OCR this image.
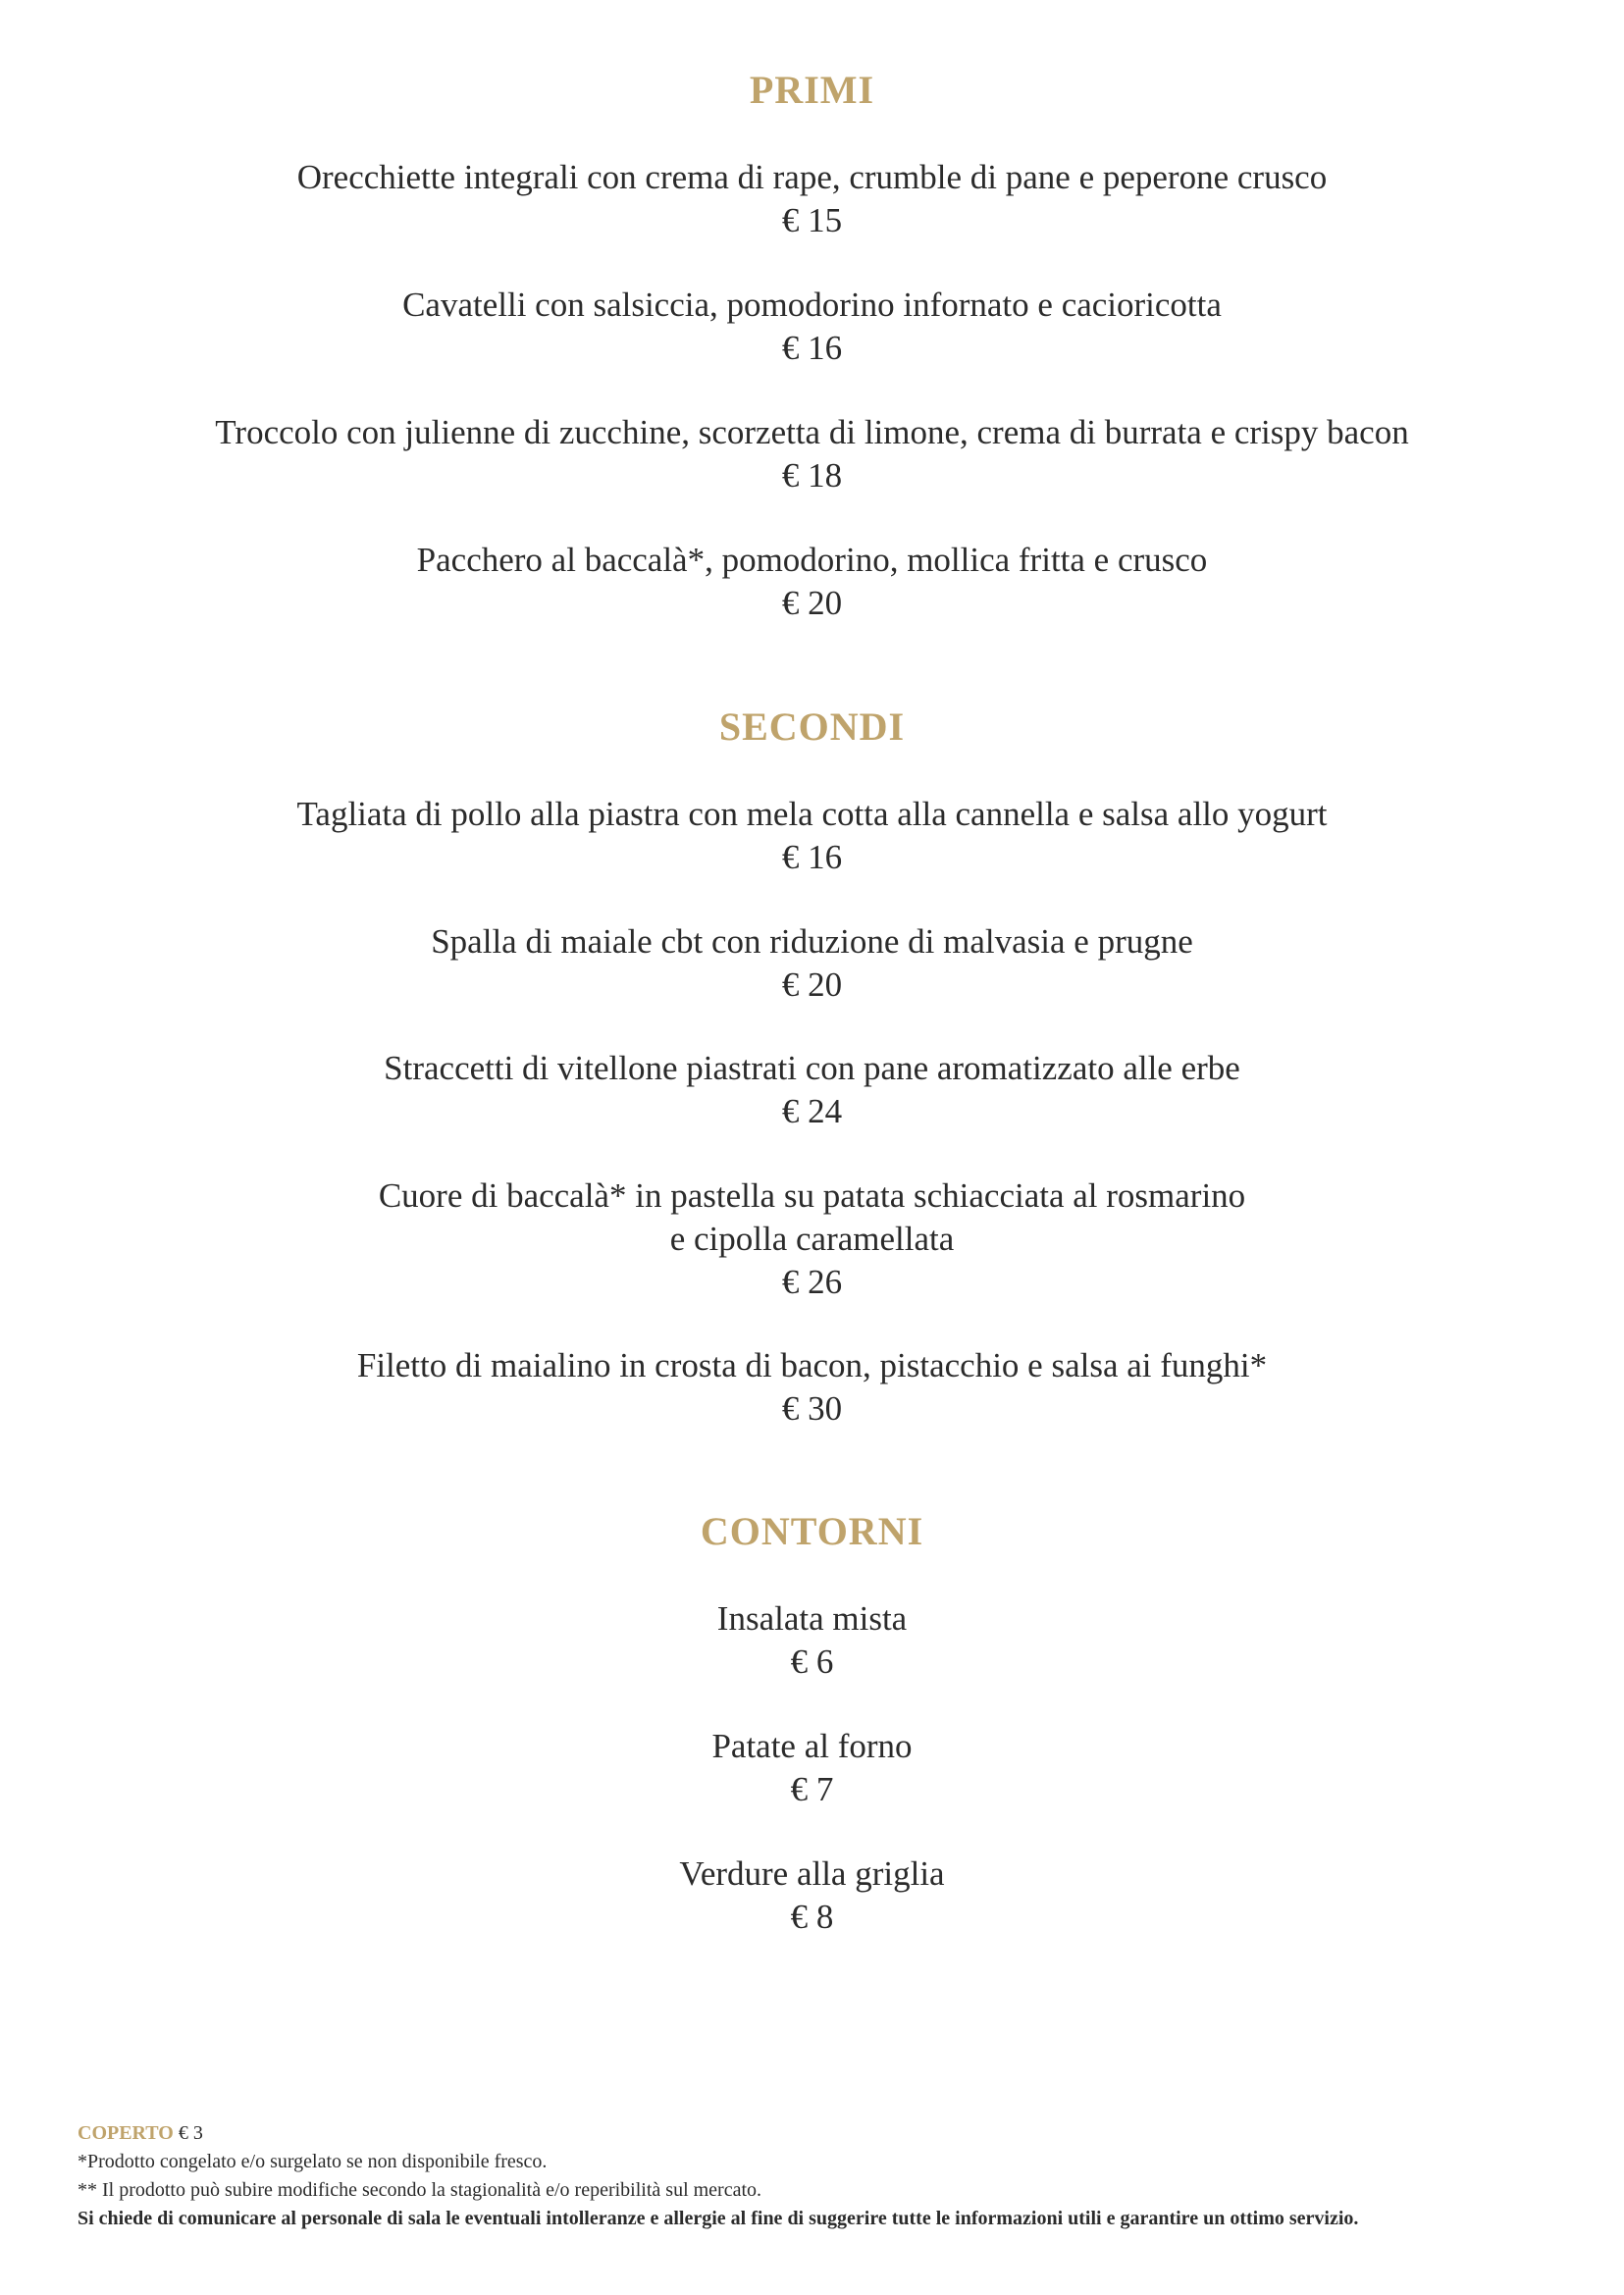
PRIMI
Orecchiette integrali con crema di rape, crumble di pane e peperone crusco
€ 15
Cavatelli con salsiccia, pomodorino infornato e cacioricotta
€ 16
Troccolo con julienne di zucchine, scorzetta di limone, crema di burrata e crispy bacon
€ 18
Pacchero al baccalà*, pomodorino, mollica fritta e crusco
€ 20
SECONDI
Tagliata di pollo alla piastra con mela cotta alla cannella e salsa allo yogurt
€ 16
Spalla di maiale cbt con riduzione di malvasia e prugne
€ 20
Straccetti di vitellone piastrati con pane aromatizzato alle erbe
€ 24
Cuore di baccalà* in pastella su patata schiacciata al rosmarino
e cipolla caramellata
€ 26
Filetto di maialino in crosta di bacon, pistacchio e salsa ai funghi*
€ 30
CONTORNI
Insalata mista
€ 6
Patate al forno
€ 7
Verdure alla griglia
€ 8
COPERTO € 3
*Prodotto congelato e/o surgelato se non disponibile fresco.
** Il prodotto può subire modifiche secondo la stagionalità e/o reperibilità sul mercato.
Si chiede di comunicare al personale di sala le eventuali intolleranze e allergie al fine di suggerire tutte le informazioni utili e garantire un ottimo servizio.
